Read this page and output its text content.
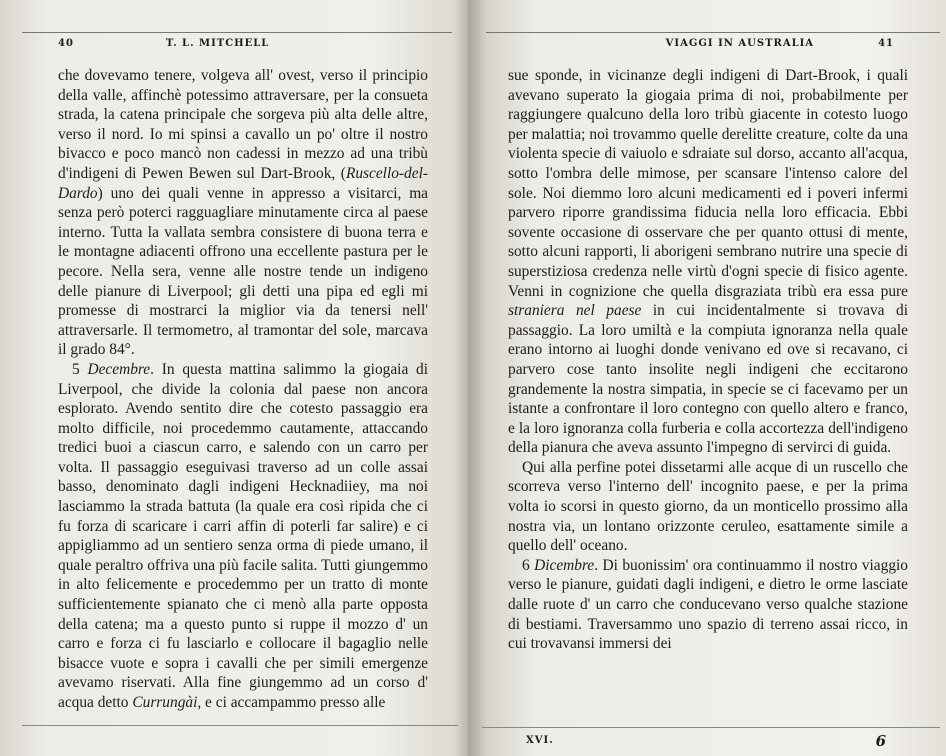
40	T. L. MITCHELL

che dovevamo tenere, volgeva all' ovest, verso il principio della valle, affinchè potessimo attraversare, per la consueta strada, la catena principale che sorgeva più alta delle altre, verso il nord. Io mi spinsi a cavallo un po' oltre il nostro bivacco e poco mancò non cadessi in mezzo ad una tribù d'indigeni di Pewen Bewen sul Dart-Brook, (Ruscello-del-Dardo) uno dei quali venne in appresso a visitarci, ma senza però poterci ragguagliare minutamente circa al paese interno. Tutta la vallata sembra consistere di buona terra e le montagne adiacenti offrono una eccellente pastura per le pecore. Nella sera, venne alle nostre tende un indigeno delle pianure di Liverpool; gli detti una pipa ed egli mi promesse di mostrarci la miglior via da tenersi nell' attraversarle. Il termometro, al tramontar del sole, marcava il grado 84°.

5 Decembre. In questa mattina salimmo la giogaia di Liverpool, che divide la colonia dal paese non ancora esplorato. Avendo sentito dire che cotesto passaggio era molto difficile, noi procedemmo cautamente, attaccando tredici buoi a ciascun carro, e salendo con un carro per volta. Il passaggio eseguivasi traverso ad un colle assai basso, denominato dagli indigeni Hecknadiiey, ma noi lasciammo la strada battuta (la quale era così ripida che ci fu forza di scaricare i carri affin di poterli far salire) e ci appigliammo ad un sentiero senza orma di piede umano, il quale peraltro offriva una più facile salita. Tutti giungemmo in alto felicemente e procedemmo per un tratto di monte sufficientemente spianato che ci menò alla parte opposta della catena; ma a questo punto si ruppe il mozzo d' un carro e forza ci fu lasciarlo e collocare il bagaglio nelle bisacce vuote e sopra i cavalli che per simili emergenze avevamo riservati. Alla fine giungemmo ad un corso d' acqua detto Currungài, e ci accampammo presso alle

VIAGGI IN AUSTRALIA	41

sue sponde, in vicinanze degli indigeni di Dart-Brook, i quali avevano superato la giogaia prima di noi, probabilmente per raggiungere qualcuno della loro tribù giacente in cotesto luogo per malattia; noi trovammo quelle derelitte creature, colte da una violenta specie di vaiuolo e sdraiate sul dorso, accanto all'acqua, sotto l'ombra delle mimose, per scansare l'intenso calore del sole. Noi diemmo loro alcuni medicamenti ed i poveri infermi parvero riporre grandissima fiducia nella loro efficacia. Ebbi sovente occasione di osservare che per quanto ottusi di mente, sotto alcuni rapporti, li aborigeni sembrano nutrire una specie di superstiziosa credenza nelle virtù d'ogni specie di fisico agente. Venni in cognizione che quella disgraziata tribù era essa pure straniera nel paese in cui incidentalmente si trovava di passaggio. La loro umiltà e la compiuta ignoranza nella quale erano intorno ai luoghi donde venivano ed ove si recavano, ci parvero cose tanto insolite negli indigeni che eccitarono grandemente la nostra simpatia, in specie se ci facevamo per un istante a confrontare il loro contegno con quello altero e franco, e la loro ignoranza colla furberia e colla accortezza dell'indigeno della pianura che aveva assunto l'impegno di servirci di guida.

Qui alla perfine potei dissetarmi alle acque di un ruscello che scorreva verso l'interno dell' incognito paese, e per la prima volta io scorsi in questo giorno, da un monticello prossimo alla nostra via, un lontano orizzonte ceruleo, esattamente simile a quello dell' oceano.

6 Dicembre. Di buonissim' ora continuammo il nostro viaggio verso le pianure, guidati dagli indigeni, e dietro le orme lasciate dalle ruote d' un carro che conducevano verso qualche stazione di bestiami. Traversammo uno spazio di terreno assai ricco, in cui trovavansi immersi dei

XVI.	6
